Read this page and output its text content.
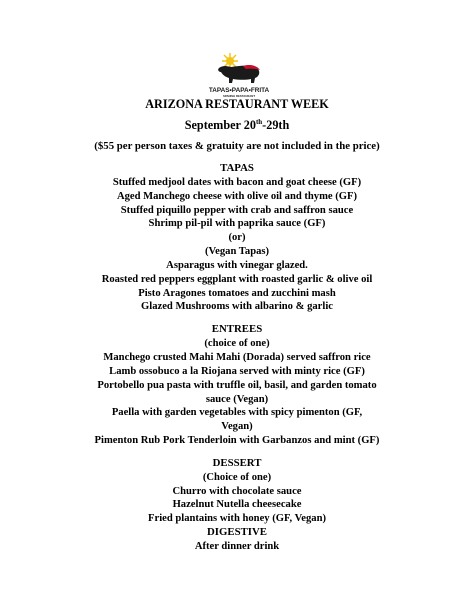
TAPAS•PAPA•FRITA
SPANISH RESTAURANT
ARIZONA RESTAURANT WEEK
September 20th-29th
($55 per person taxes & gratuity are not included in the price)
TAPAS
Stuffed medjool dates with bacon and goat cheese (GF)
Aged Manchego cheese with olive oil and thyme (GF)
Stuffed piquillo pepper with crab and saffron sauce
Shrimp pil-pil with paprika sauce (GF)
(or)
(Vegan Tapas)
Asparagus with vinegar glazed.
Roasted red peppers eggplant with roasted garlic & olive oil
Pisto Aragones tomatoes and zucchini mash
Glazed Mushrooms with albarino & garlic
ENTREES
(choice of one)
Manchego crusted Mahi Mahi (Dorada) served saffron rice
Lamb ossobuco a la Riojana served with minty rice (GF)
Portobello pua pasta with truffle oil, basil, and garden tomato
sauce (Vegan)
Paella with garden vegetables with spicy pimenton (GF,
Vegan)
Pimenton Rub Pork Tenderloin with Garbanzos and mint (GF)
DESSERT
(Choice of one)
Churro with chocolate sauce
Hazelnut Nutella cheesecake
Fried plantains with honey (GF, Vegan)
DIGESTIVE
After dinner drink
